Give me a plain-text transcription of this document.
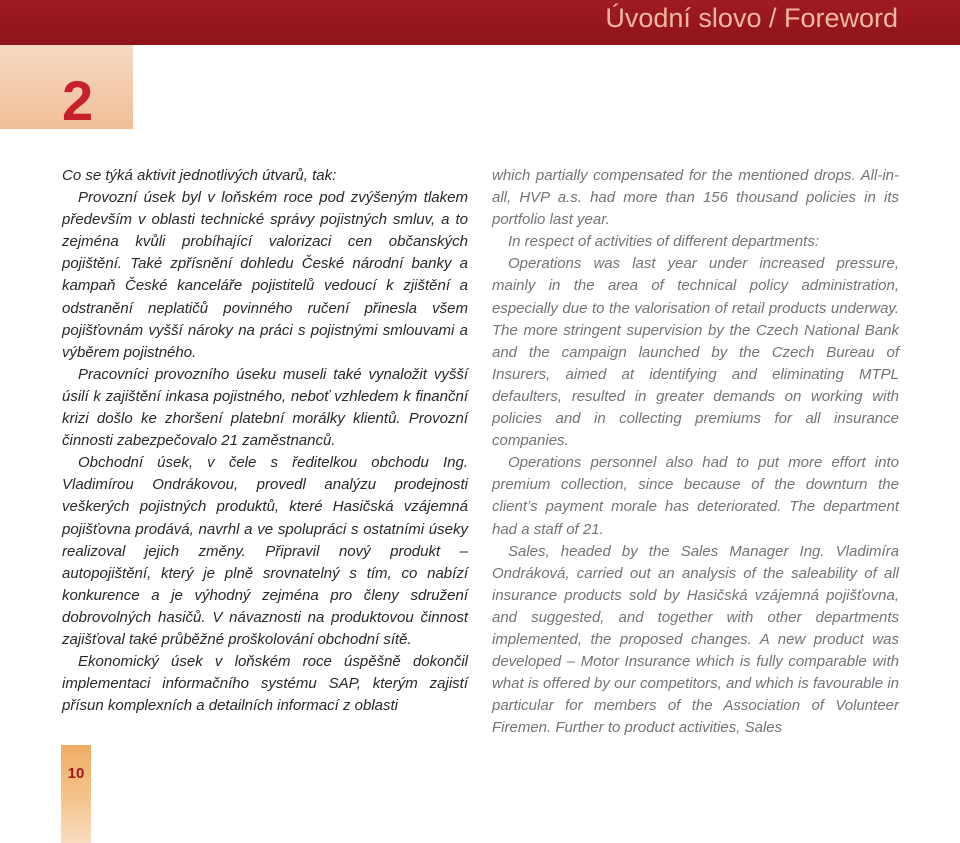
Úvodní slovo / Foreword
2

Co se týká aktivit jednotlivých útvarů, tak:

Provozní úsek byl v loňském roce pod zvýšeným tlakem především v oblasti technické správy pojistných smluv, a to zejména kvůli probíhající valorizaci cen občanských pojištění. Také zpřísnění dohledu České národní banky a kampaň České kanceláře pojistitelů vedoucí k zjištění a odstranění neplatičů povinného ručení přinesla všem pojišťovnám vyšší nároky na práci s pojistnými smlouvami a výběrem pojistného.

Pracovníci provozního úseku museli také vynaložit vyšší úsilí k zajištění inkasa pojistného, neboť vzhledem k finanční krizi došlo ke zhoršení platební morálky klientů. Provozní činnosti zabezpečovalo 21 zaměstnanců.

Obchodní úsek, v čele s ředitelkou obchodu Ing. Vladimírou Ondrákovou, provedl analýzu prodejnosti veškerých pojistných produktů, které Hasičská vzájemná pojišťovna prodává, navrhl a ve spolupráci s ostatními úseky realizoval jejich změny. Připravil nový produkt – autopojištění, který je plně srovnatelný s tím, co nabízí konkurence a je výhodný zejména pro členy sdružení dobrovolných hasičů. V návaznosti na produktovou činnost zajišťoval také průběžné proškolování obchodní sítě.

Ekonomický úsek v loňském roce úspěšně dokončil implementaci informačního systému SAP, kterým zajistí přísun komplexních a detailních informací z oblasti

which partially compensated for the mentioned drops. All-in-all, HVP a.s. had more than 156 thousand policies in its portfolio last year.

In respect of activities of different departments:

Operations was last year under increased pressure, mainly in the area of technical policy administration, especially due to the valorisation of retail products underway. The more stringent supervision by the Czech National Bank and the campaign launched by the Czech Bureau of Insurers, aimed at identifying and eliminating MTPL defaulters, resulted in greater demands on working with policies and in collecting premiums for all insurance companies.

Operations personnel also had to put more effort into premium collection, since because of the downturn the client’s payment morale has deteriorated. The department had a staff of 21.

Sales, headed by the Sales Manager Ing. Vladimíra Ondráková, carried out an analysis of the saleability of all insurance products sold by Hasičská vzájemná pojišťovna, and suggested, and together with other departments implemented, the proposed changes. A new product was developed – Motor Insurance which is fully comparable with what is offered by our competitors, and which is favourable in particular for members of the Association of Volunteer Firemen. Further to product activities, Sales

10
